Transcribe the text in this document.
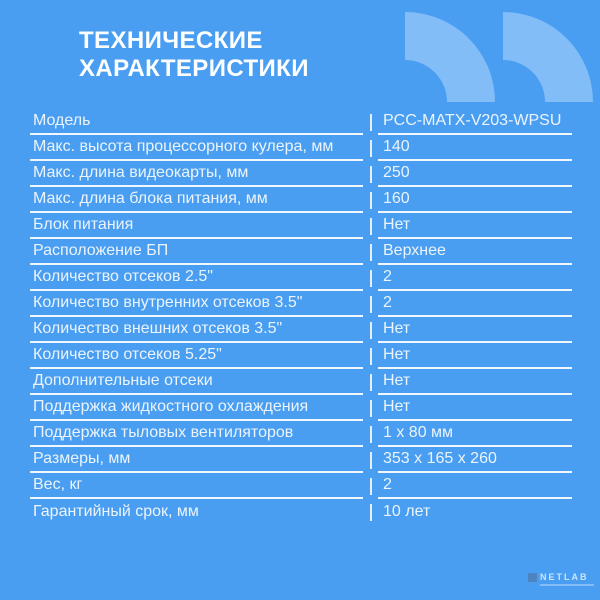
ТЕХНИЧЕСКИЕ
ХАРАКТЕРИСТИКИ
Модель	PCC-MATX-V203-WPSU
Макс. высота процессорного кулера, мм	140
Макс. длина видеокарты, мм	250
Макс. длина блока питания, мм	160
Блок питания	Нет
Расположение БП	Верхнее
Количество отсеков 2.5"	2
Количество внутренних отсеков 3.5"	2
Количество внешних отсеков 3.5"	Нет
Количество отсеков 5.25"	Нет
Дополнительные отсеки	Нет
Поддержка жидкостного охлаждения	Нет
Поддержка тыловых вентиляторов	1 x 80 мм
Размеры, мм	353 x 165 x 260
Вес, кг	2
Гарантийный срок, мм	10 лет
NETLAB
